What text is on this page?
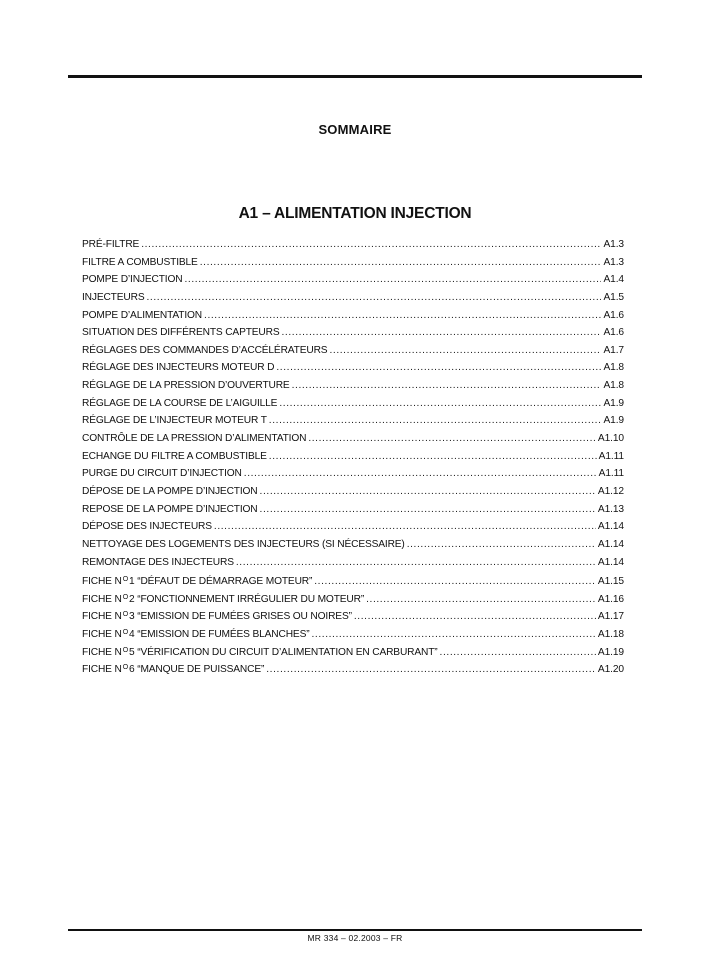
SOMMAIRE
A1 – ALIMENTATION INJECTION
PRÉ-FILTRE .....	A1.3
FILTRE A COMBUSTIBLE .....	A1.3
POMPE D’INJECTION .....	A1.4
INJECTEURS .....	A1.5
POMPE D’ALIMENTATION .....	A1.6
SITUATION DES DIFFÉRENTS CAPTEURS .....	A1.6
RÉGLAGES DES COMMANDES D’ACCÉLÉRATEURS .....	A1.7
RÉGLAGE DES INJECTEURS MOTEUR D .....	A1.8
RÉGLAGE DE LA PRESSION D’OUVERTURE .....	A1.8
RÉGLAGE DE LA COURSE DE L’AIGUILLE .....	A1.9
RÉGLAGE DE L’INJECTEUR MOTEUR T .....	A1.9
CONTRÔLE DE LA PRESSION D’ALIMENTATION .....	A1.10
ECHANGE DU FILTRE A COMBUSTIBLE .....	A1.11
PURGE DU CIRCUIT D’INJECTION .....	A1.11
DÉPOSE DE LA POMPE D’INJECTION .....	A1.12
REPOSE DE LA POMPE D’INJECTION .....	A1.13
DÉPOSE DES INJECTEURS .....	A1.14
NETTOYAGE DES LOGEMENTS DES INJECTEURS (SI NÉCESSAIRE) .....	A1.14
REMONTAGE DES INJECTEURS .....	A1.14
FICHE $N^O1$ “DÉFAUT DE DÉMARRAGE MOTEUR” .....	A1.15
FICHE $N^O2$ “FONCTIONNEMENT IRRÉGULIER DU MOTEUR” .....	A1.16
FICHE $N^O3$ “EMISSION DE FUMÉES GRISES OU NOIRES” .....	A1.17
FICHE $N^O4$ “EMISSION DE FUMÉES BLANCHES” .....	A1.18
FICHE $N^O5$ “VÉRIFICATION DU CIRCUIT D’ALIMENTATION EN CARBURANT” .....	A1.19
FICHE $N^O6$ “MANQUE DE PUISSANCE” .....	A1.20
MR 334 – 02.2003 – FR
